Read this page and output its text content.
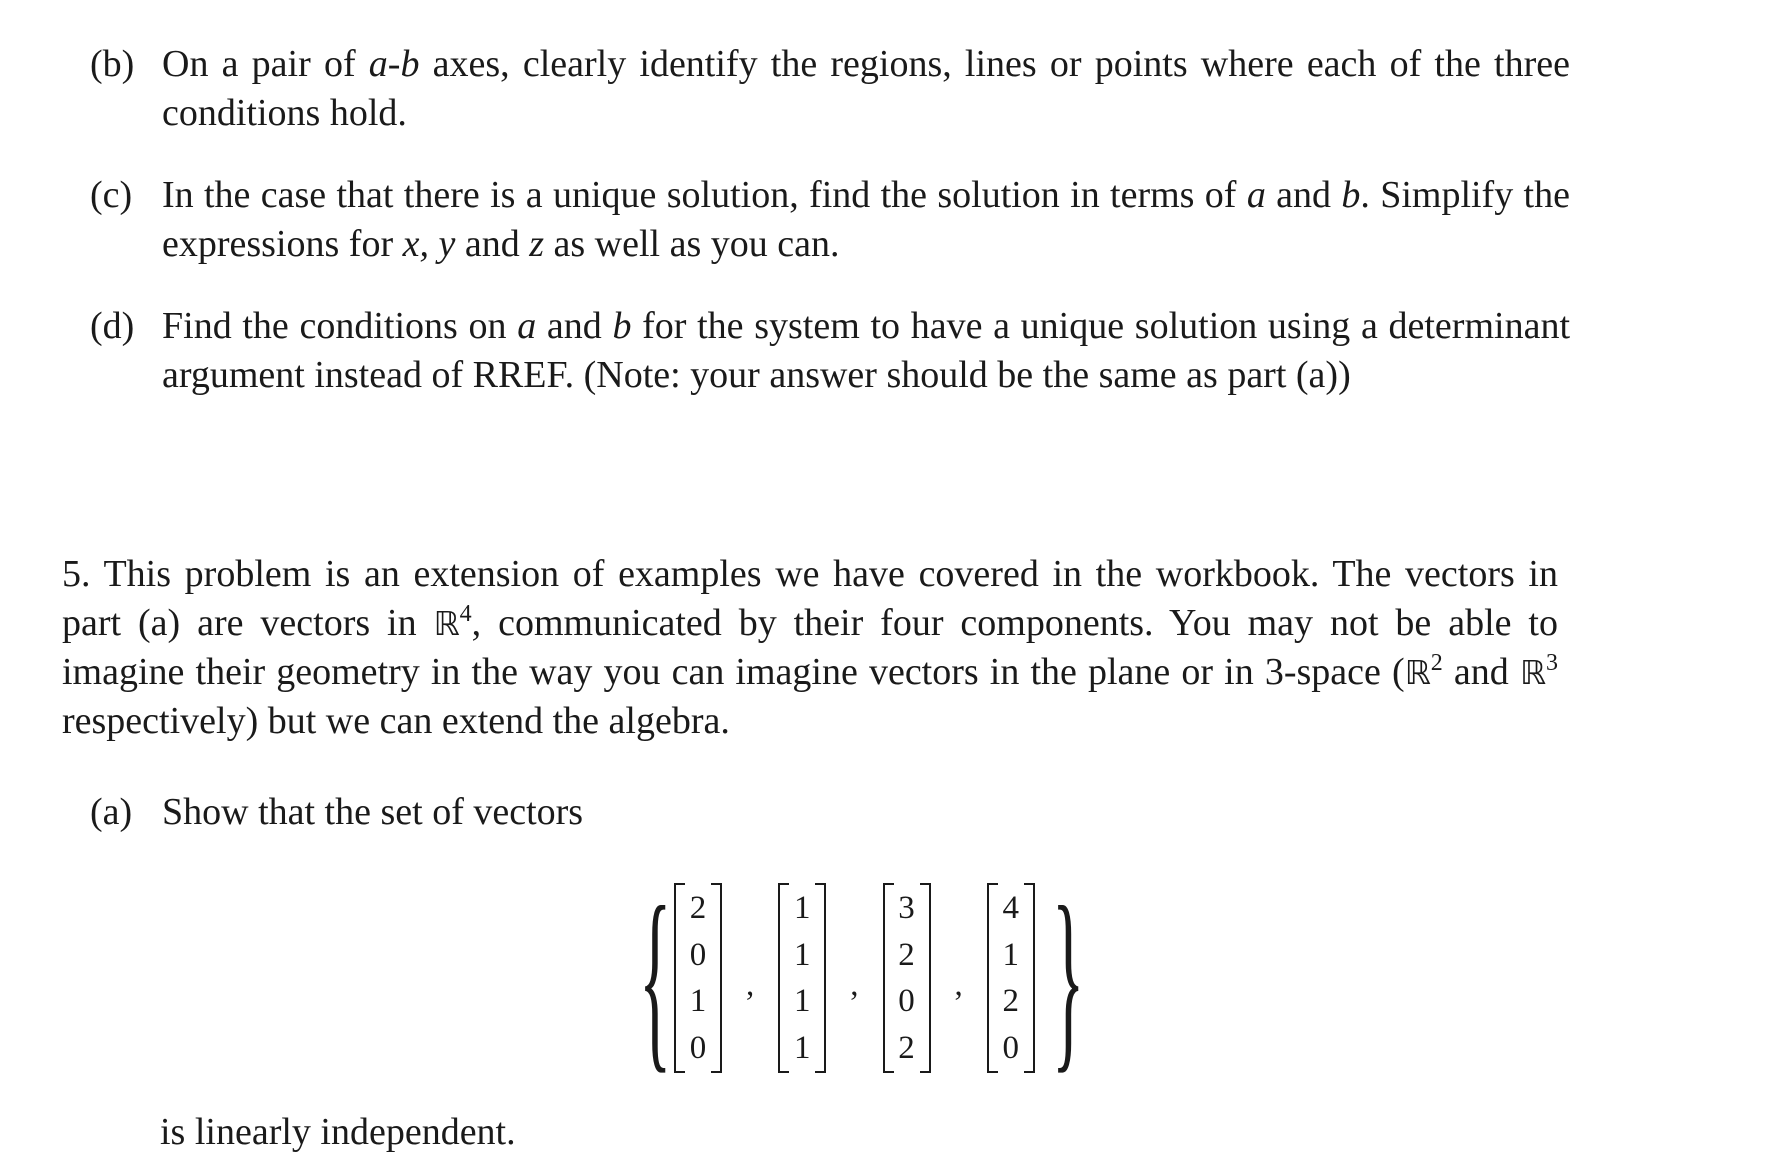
(b) On a pair of a-b axes, clearly identify the regions, lines or points where each of the three conditions hold.
(c) In the case that there is a unique solution, find the solution in terms of a and b. Simplify the expressions for x, y and z as well as you can.
(d) Find the conditions on a and b for the system to have a unique solution using a determinant argument instead of RREF. (Note: your answer should be the same as part (a))
5. This problem is an extension of examples we have covered in the workbook. The vectors in part (a) are vectors in ℝ$^4$, communicated by their four components. You may not be able to imagine their geometry in the way you can imagine vectors in the plane or in 3-space (ℝ$^2$ and ℝ$^3$ respectively) but we can extend the algebra.
(a) Show that the set of vectors
{ 2
0
1
0
,
1
1
1
1
,
3
2
0
2
,
4
1
2
0 }
is linearly independent.
